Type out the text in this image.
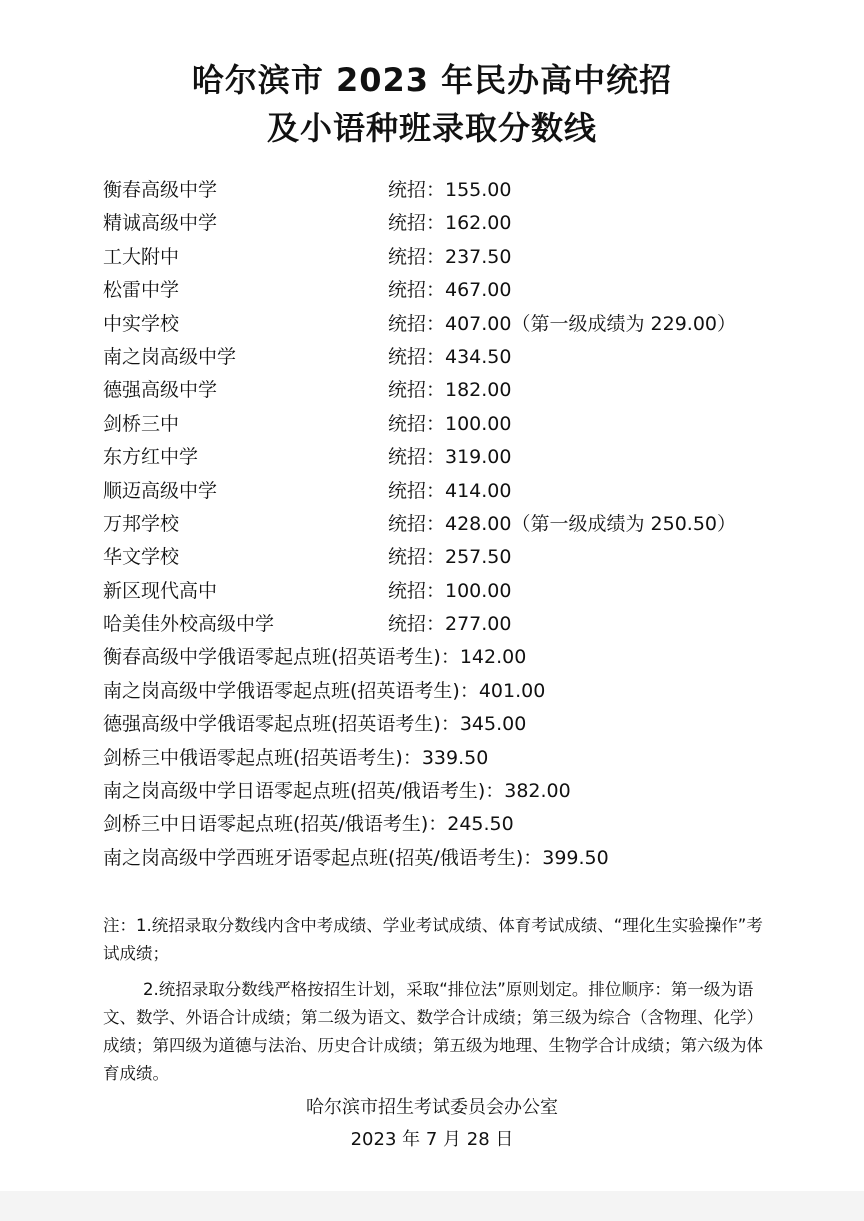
哈尔滨市 2023 年民办高中统招
及小语种班录取分数线
衡春高级中学	统招：155.00
精诚高级中学	统招：162.00
工大附中	统招：237.50
松雷中学	统招：467.00
中实学校	统招：407.00（第一级成绩为 229.00）
南之岗高级中学	统招：434.50
德强高级中学	统招：182.00
剑桥三中	统招：100.00
东方红中学	统招：319.00
顺迈高级中学	统招：414.00
万邦学校	统招：428.00（第一级成绩为 250.50）
华文学校	统招：257.50
新区现代高中	统招：100.00
哈美佳外校高级中学	统招：277.00
衡春高级中学俄语零起点班(招英语考生)：142.00
南之岗高级中学俄语零起点班(招英语考生)：401.00
德强高级中学俄语零起点班(招英语考生)：345.00
剑桥三中俄语零起点班(招英语考生)：339.50
南之岗高级中学日语零起点班(招英/俄语考生)：382.00
剑桥三中日语零起点班(招英/俄语考生)：245.50
南之岗高级中学西班牙语零起点班(招英/俄语考生)：399.50
注：1.统招录取分数线内含中考成绩、学业考试成绩、体育考试成绩、“理化生实验操作”考试成绩；
2.统招录取分数线严格按招生计划，采取“排位法”原则划定。排位顺序：第一级为语文、数学、外语合计成绩；第二级为语文、数学合计成绩；第三级为综合（含物理、化学）成绩；第四级为道德与法治、历史合计成绩；第五级为地理、生物学合计成绩；第六级为体育成绩。
哈尔滨市招生考试委员会办公室
2023 年 7 月 28 日
